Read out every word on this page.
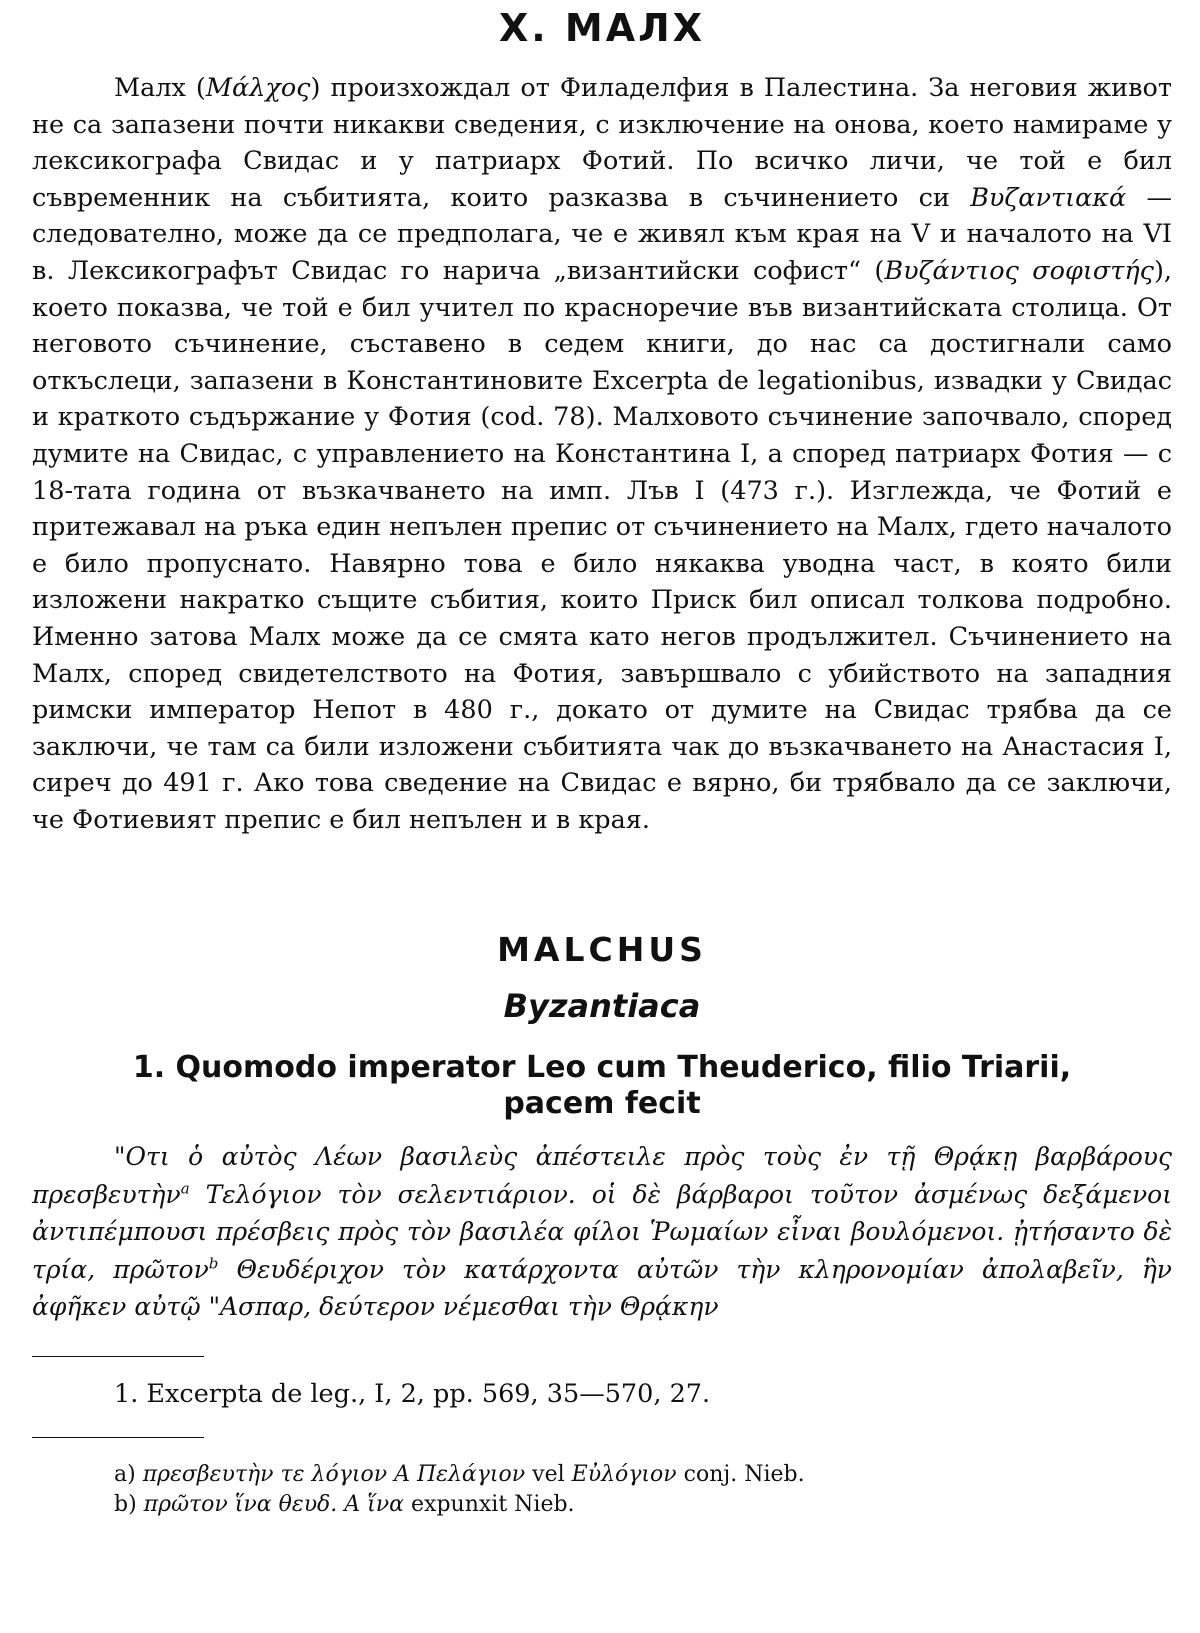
Х. МАЛХ
Малх (Μάλχος) произхождал от Филаделфия в Палестина. За неговия живот не са запазени почти никакви сведения, с изключение на онова, което намираме у лексикографа Свидас и у патриарх Фотий. По всичко личи, че той е бил съвременник на събитията, които разказва в съчинението си Βυζαντιακά — следователно, може да се предполага, че е живял към края на V и началото на VI в. Лексикографът Свидас го нарича „византийски софист“ (Βυζάντιος σοφιστής), което показва, че той е бил учител по красноречие във византийската столица. От неговото съчинение, съставено в седем книги, до нас са достигнали само откъслеци, запазени в Константиновите Excerpta de legationibus, извадки у Свидас и краткото съдържание у Фотия (cod. 78). Малховото съчинение започвало, според думите на Свидас, с управлението на Константина I, а според патриарх Фотия — с 18-тата година от възкачването на имп. Лъв I (473 г.). Изглежда, че Фотий е притежавал на ръка един непълен препис от съчинението на Малх, гдето началото е било пропуснато. Навярно това е било някаква уводна част, в която били изложени накратко същите събития, които Приск бил описал толкова подробно. Именно затова Малх може да се смята като негов продължител. Съчинението на Малх, според свидетелството на Фотия, завършвало с убийството на западния римски император Непот в 480 г., докато от думите на Свидас трябва да се заключи, че там са били изложени събитията чак до възкачването на Анастасия I, сиреч до 491 г. Ако това сведение на Свидас е вярно, би трябвало да се заключи, че Фотиевият препис е бил непълен и в края.
MALCHUS
Byzantiaca
1. Quomodo imperator Leo cum Theuderico, filio Triarii,
pacem fecit
"Οτι ὁ αὐτὸς Λέων βασιλεὺς ἀπέστειλε πρὸς τοὺς ἐν τῇ Θρᾴκῃ βαρβάρους πρεσβευτὴν$^a$ Τελόγιον τὸν σελεντιάριον. οἱ δὲ βάρβαροι τοῦτον ἀσμένως δεξάμενοι ἀντιπέμπουσι πρέσβεις πρὸς τὸν βασιλέα φίλοι Ῥωμαίων εἶναι βουλόμενοι. ᾐτήσαντο δὲ τρία, πρῶτον$^b$ Θευδέριχον τὸν κατάρχοντα αὐτῶν τὴν κληρονομίαν ἀπολαβεῖν, ἣν ἀφῆκεν αὐτῷ "Ασπαρ, δεύτερον νέμεσθαι τὴν Θρᾴκην
1. Excerpta de leg., I, 2, pp. 569, 35—570, 27.
a) πρεσβευτὴν τε λόγιον Α Πελάγιον vel Εὐλόγιον conj. Nieb.
b) πρῶτον ἵνα θευδ. Α ἵνα expunxit Nieb.
